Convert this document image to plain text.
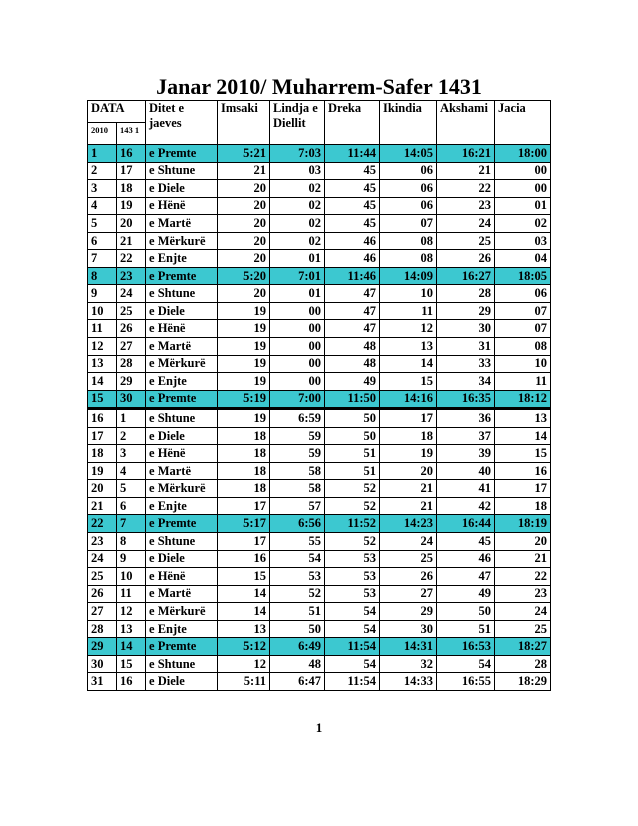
Janar 2010/ Muharrem-Safer 1431
DATA		Ditet e jaeves	Imsaki	Lindja e Diellit	Dreka	Ikindia	Akshami	Jacia
2010	143 1							
1	16	e Premte	5:21	7:03	11:44	14:05	16:21	18:00
2	17	e Shtune	21	03	45	06	21	00
3	18	e Diele	20	02	45	06	22	00
4	19	e Hënë	20	02	45	06	23	01
5	20	e Martë	20	02	45	07	24	02
6	21	e Mërkurë	20	02	46	08	25	03
7	22	e Enjte	20	01	46	08	26	04
8	23	e Premte	5:20	7:01	11:46	14:09	16:27	18:05
9	24	e Shtune	20	01	47	10	28	06
10	25	e Diele	19	00	47	11	29	07
11	26	e Hënë	19	00	47	12	30	07
12	27	e Martë	19	00	48	13	31	08
13	28	e Mërkurë	19	00	48	14	33	10
14	29	e Enjte	19	00	49	15	34	11
15	30	e Premte	5:19	7:00	11:50	14:16	16:35	18:12
16	1	e Shtune	19	6:59	50	17	36	13
17	2	e Diele	18	59	50	18	37	14
18	3	e Hënë	18	59	51	19	39	15
19	4	e Martë	18	58	51	20	40	16
20	5	e Mërkurë	18	58	52	21	41	17
21	6	e Enjte	17	57	52	21	42	18
22	7	e Premte	5:17	6:56	11:52	14:23	16:44	18:19
23	8	e Shtune	17	55	52	24	45	20
24	9	e Diele	16	54	53	25	46	21
25	10	e Hënë	15	53	53	26	47	22
26	11	e Martë	14	52	53	27	49	23
27	12	e Mërkurë	14	51	54	29	50	24
28	13	e Enjte	13	50	54	30	51	25
29	14	e Premte	5:12	6:49	11:54	14:31	16:53	18:27
30	15	e Shtune	12	48	54	32	54	28
31	16	e Diele	5:11	6:47	11:54	14:33	16:55	18:29
1
